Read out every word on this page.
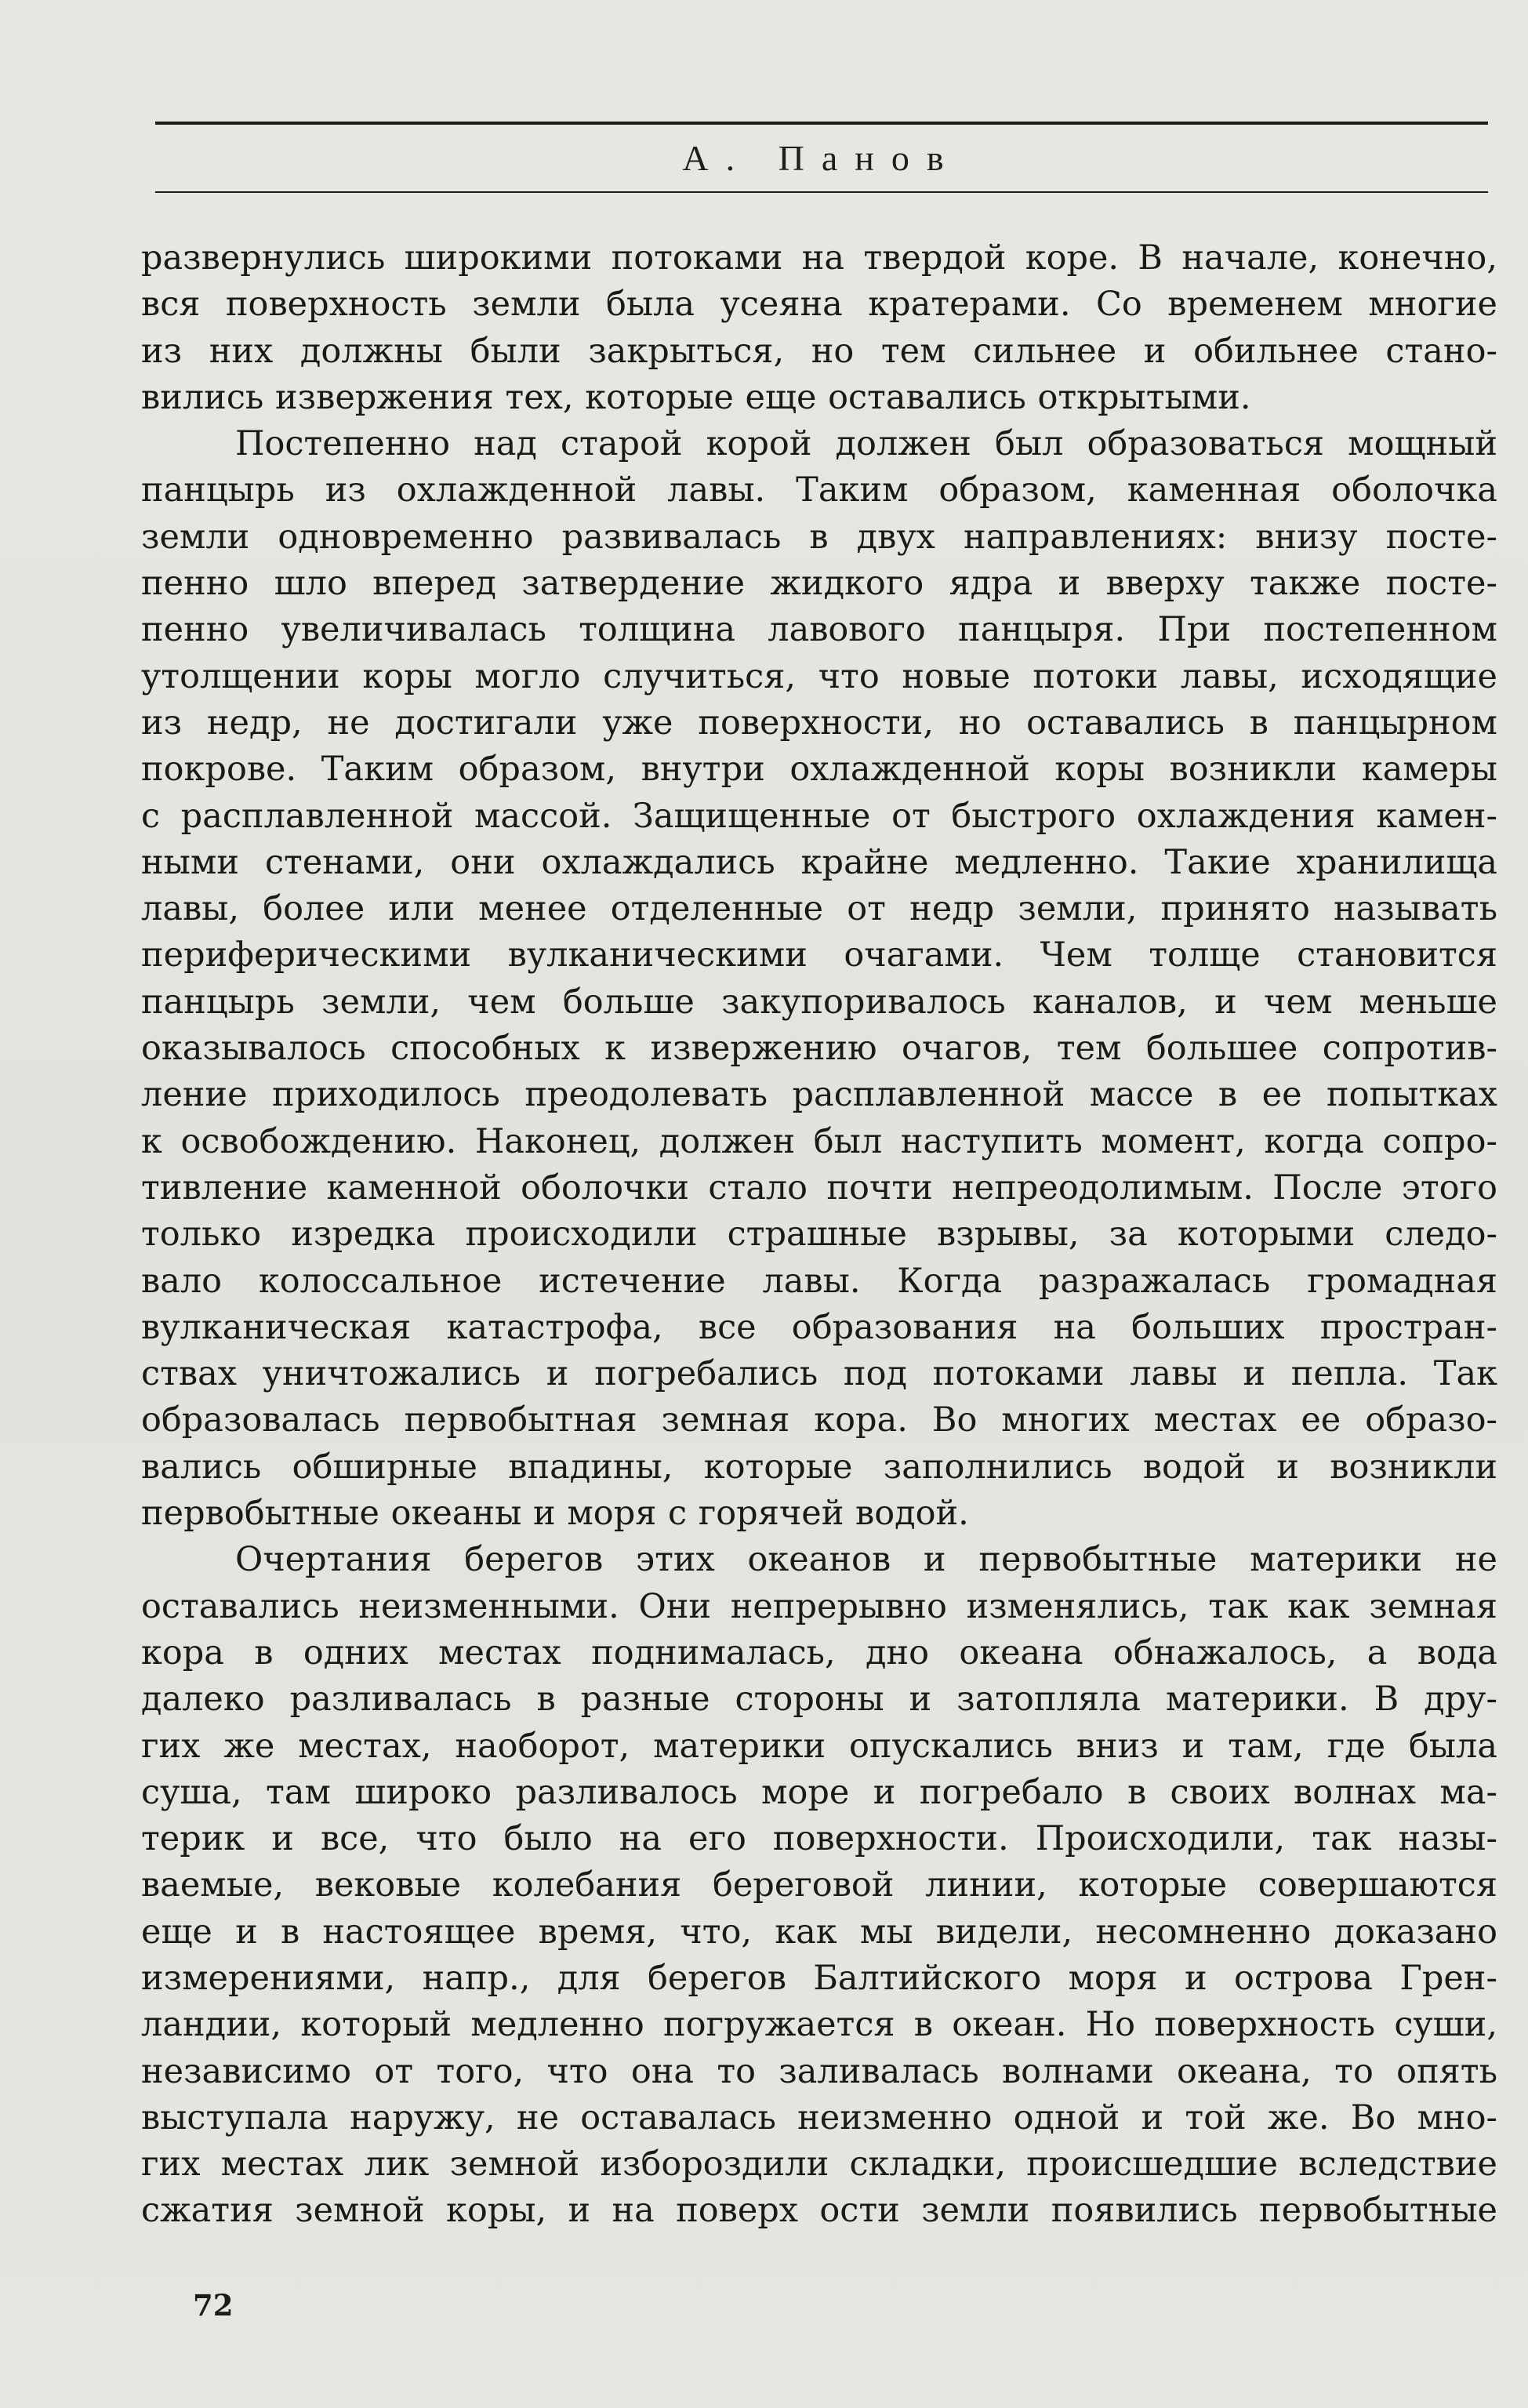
А. Панов
развернулись широкими потоками на твердой коре. В начале, конечно,
вся поверхность земли была усеяна кратерами. Со временем многие
из них должны были закрыться, но тем сильнее и обильнее стано-
вились извержения тех, которые еще оставались открытыми.
Постепенно над старой корой должен был образоваться мощный
панцырь из охлажденной лавы. Таким образом, каменная оболочка
земли одновременно развивалась в двух направлениях: внизу посте-
пенно шло вперед затвердение жидкого ядра и вверху также посте-
пенно увеличивалась толщина лавового панцыря. При постепенном
утолщении коры могло случиться, что новые потоки лавы, исходящие
из недр, не достигали уже поверхности, но оставались в панцырном
покрове. Таким образом, внутри охлажденной коры возникли камеры
с расплавленной массой. Защищенные от быстрого охлаждения камен-
ными стенами, они охлаждались крайне медленно. Такие хранилища
лавы, более или менее отделенные от недр земли, принято называть
периферическими вулканическими очагами. Чем толще становится
панцырь земли, чем больше закупоривалось каналов, и чем меньше
оказывалось способных к извержению очагов, тем большее сопротив-
ление приходилось преодолевать расплавленной массе в ее попытках
к освобождению. Наконец, должен был наступить момент, когда сопро-
тивление каменной оболочки стало почти непреодолимым. После этого
только изредка происходили страшные взрывы, за которыми следо-
вало колоссальное истечение лавы. Когда разражалась громадная
вулканическая катастрофа, все образования на больших простран-
ствах уничтожались и погребались под потоками лавы и пепла. Так
образовалась первобытная земная кора. Во многих местах ее образо-
вались обширные впадины, которые заполнились водой и возникли
первобытные океаны и моря с горячей водой.
Очертания берегов этих океанов и первобытные материки не
оставались неизменными. Они непрерывно изменялись, так как земная
кора в одних местах поднималась, дно океана обнажалось, а вода
далеко разливалась в разные стороны и затопляла материки. В дру-
гих же местах, наоборот, материки опускались вниз и там, где была
суша, там широко разливалось море и погребало в своих волнах ма-
терик и все, что было на его поверхности. Происходили, так назы-
ваемые, вековые колебания береговой линии, которые совершаются
еще и в настоящее время, что, как мы видели, несомненно доказано
измерениями, напр., для берегов Балтийского моря и острова Грен-
ландии, который медленно погружается в океан. Но поверхность суши,
независимо от того, что она то заливалась волнами океана, то опять
выступала наружу, не оставалась неизменно одной и той же. Во мно-
гих местах лик земной избороздили складки, происшедшие вследствие
сжатия земной коры, и на поверх ости земли появились первобытные
72
